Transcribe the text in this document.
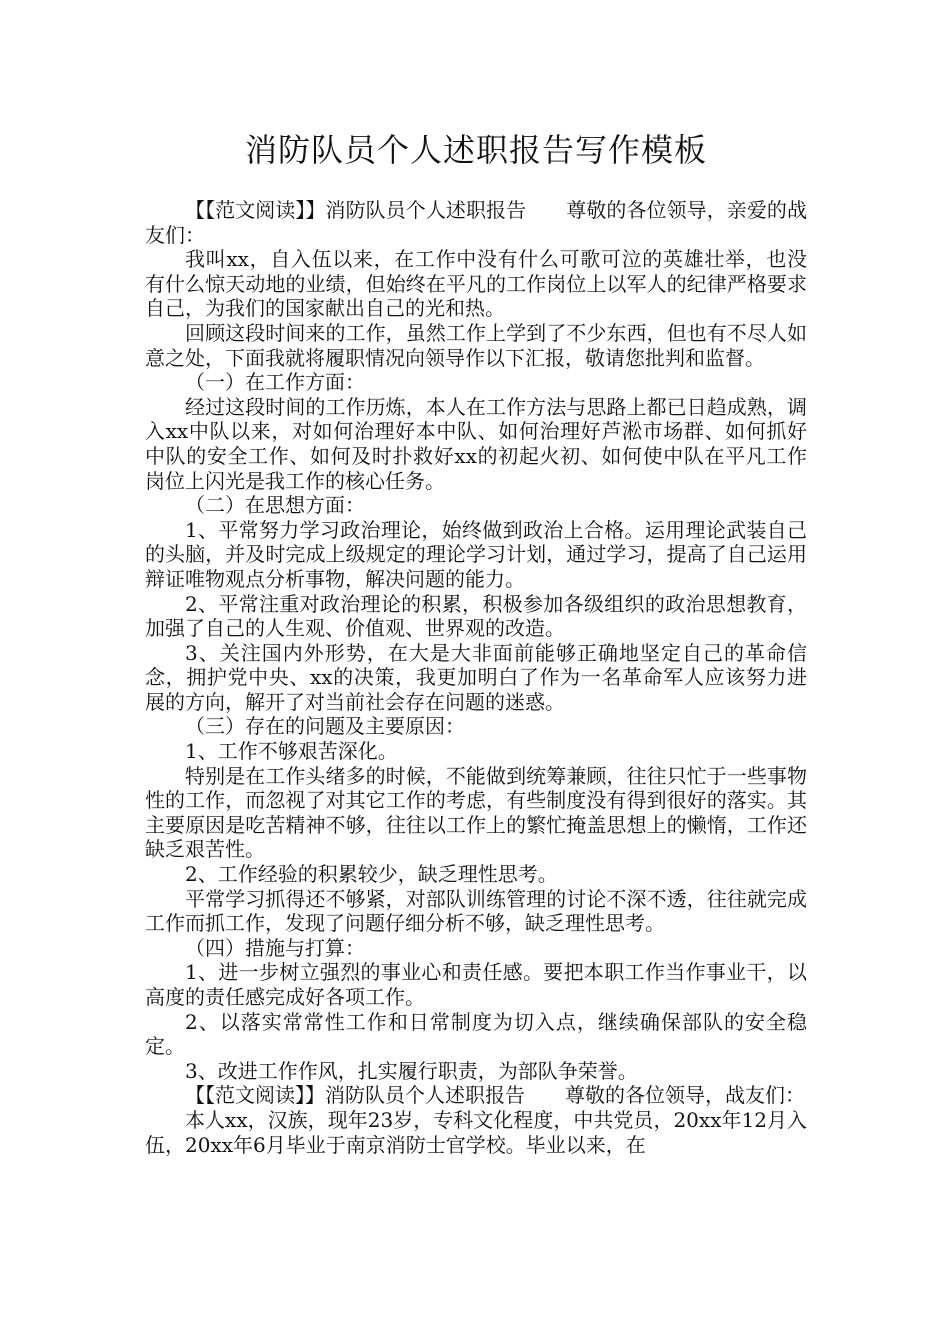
消防队员个人述职报告写作模板

【【范文阅读】】消防队员个人述职报告　　尊敬的各位领导，亲爱的战友们：

我叫xx，自入伍以来，在工作中没有什么可歌可泣的英雄壮举，也没有什么惊天动地的业绩，但始终在平凡的工作岗位上以军人的纪律严格要求自己，为我们的国家献出自己的光和热。

回顾这段时间来的工作，虽然工作上学到了不少东西，但也有不尽人如意之处，下面我就将履职情况向领导作以下汇报，敬请您批判和监督。

（一）在工作方面：

经过这段时间的工作历炼，本人在工作方法与思路上都已日趋成熟，调入xx中队以来，对如何治理好本中队、如何治理好芦淞市场群、如何抓好中队的安全工作、如何及时扑救好xx的初起火初、如何使中队在平凡工作岗位上闪光是我工作的核心任务。

（二）在思想方面：

1、平常努力学习政治理论，始终做到政治上合格。运用理论武装自己的头脑，并及时完成上级规定的理论学习计划，通过学习，提高了自己运用辩证唯物观点分析事物，解决问题的能力。

2、平常注重对政治理论的积累，积极参加各级组织的政治思想教育，加强了自己的人生观、价值观、世界观的改造。

3、关注国内外形势，在大是大非面前能够正确地坚定自己的革命信念，拥护党中央、xx的决策，我更加明白了作为一名革命军人应该努力进展的方向，解开了对当前社会存在问题的迷惑。

（三）存在的问题及主要原因：

1、工作不够艰苦深化。

特别是在工作头绪多的时候，不能做到统筹兼顾，往往只忙于一些事物性的工作，而忽视了对其它工作的考虑，有些制度没有得到很好的落实。其主要原因是吃苦精神不够，往往以工作上的繁忙掩盖思想上的懒惰，工作还缺乏艰苦性。

2、工作经验的积累较少，缺乏理性思考。

平常学习抓得还不够紧，对部队训练管理的讨论不深不透，往往就完成工作而抓工作，发现了问题仔细分析不够，缺乏理性思考。

（四）措施与打算：

1、进一步树立强烈的事业心和责任感。要把本职工作当作事业干，以高度的责任感完成好各项工作。

2、以落实常常性工作和日常制度为切入点，继续确保部队的安全稳定。

3、改进工作作风，扎实履行职责，为部队争荣誉。

【【范文阅读】】消防队员个人述职报告　　尊敬的各位领导，战友们：

本人xx，汉族，现年23岁，专科文化程度，中共党员，20xx年12月入伍，20xx年6月毕业于南京消防士官学校。毕业以来，在
